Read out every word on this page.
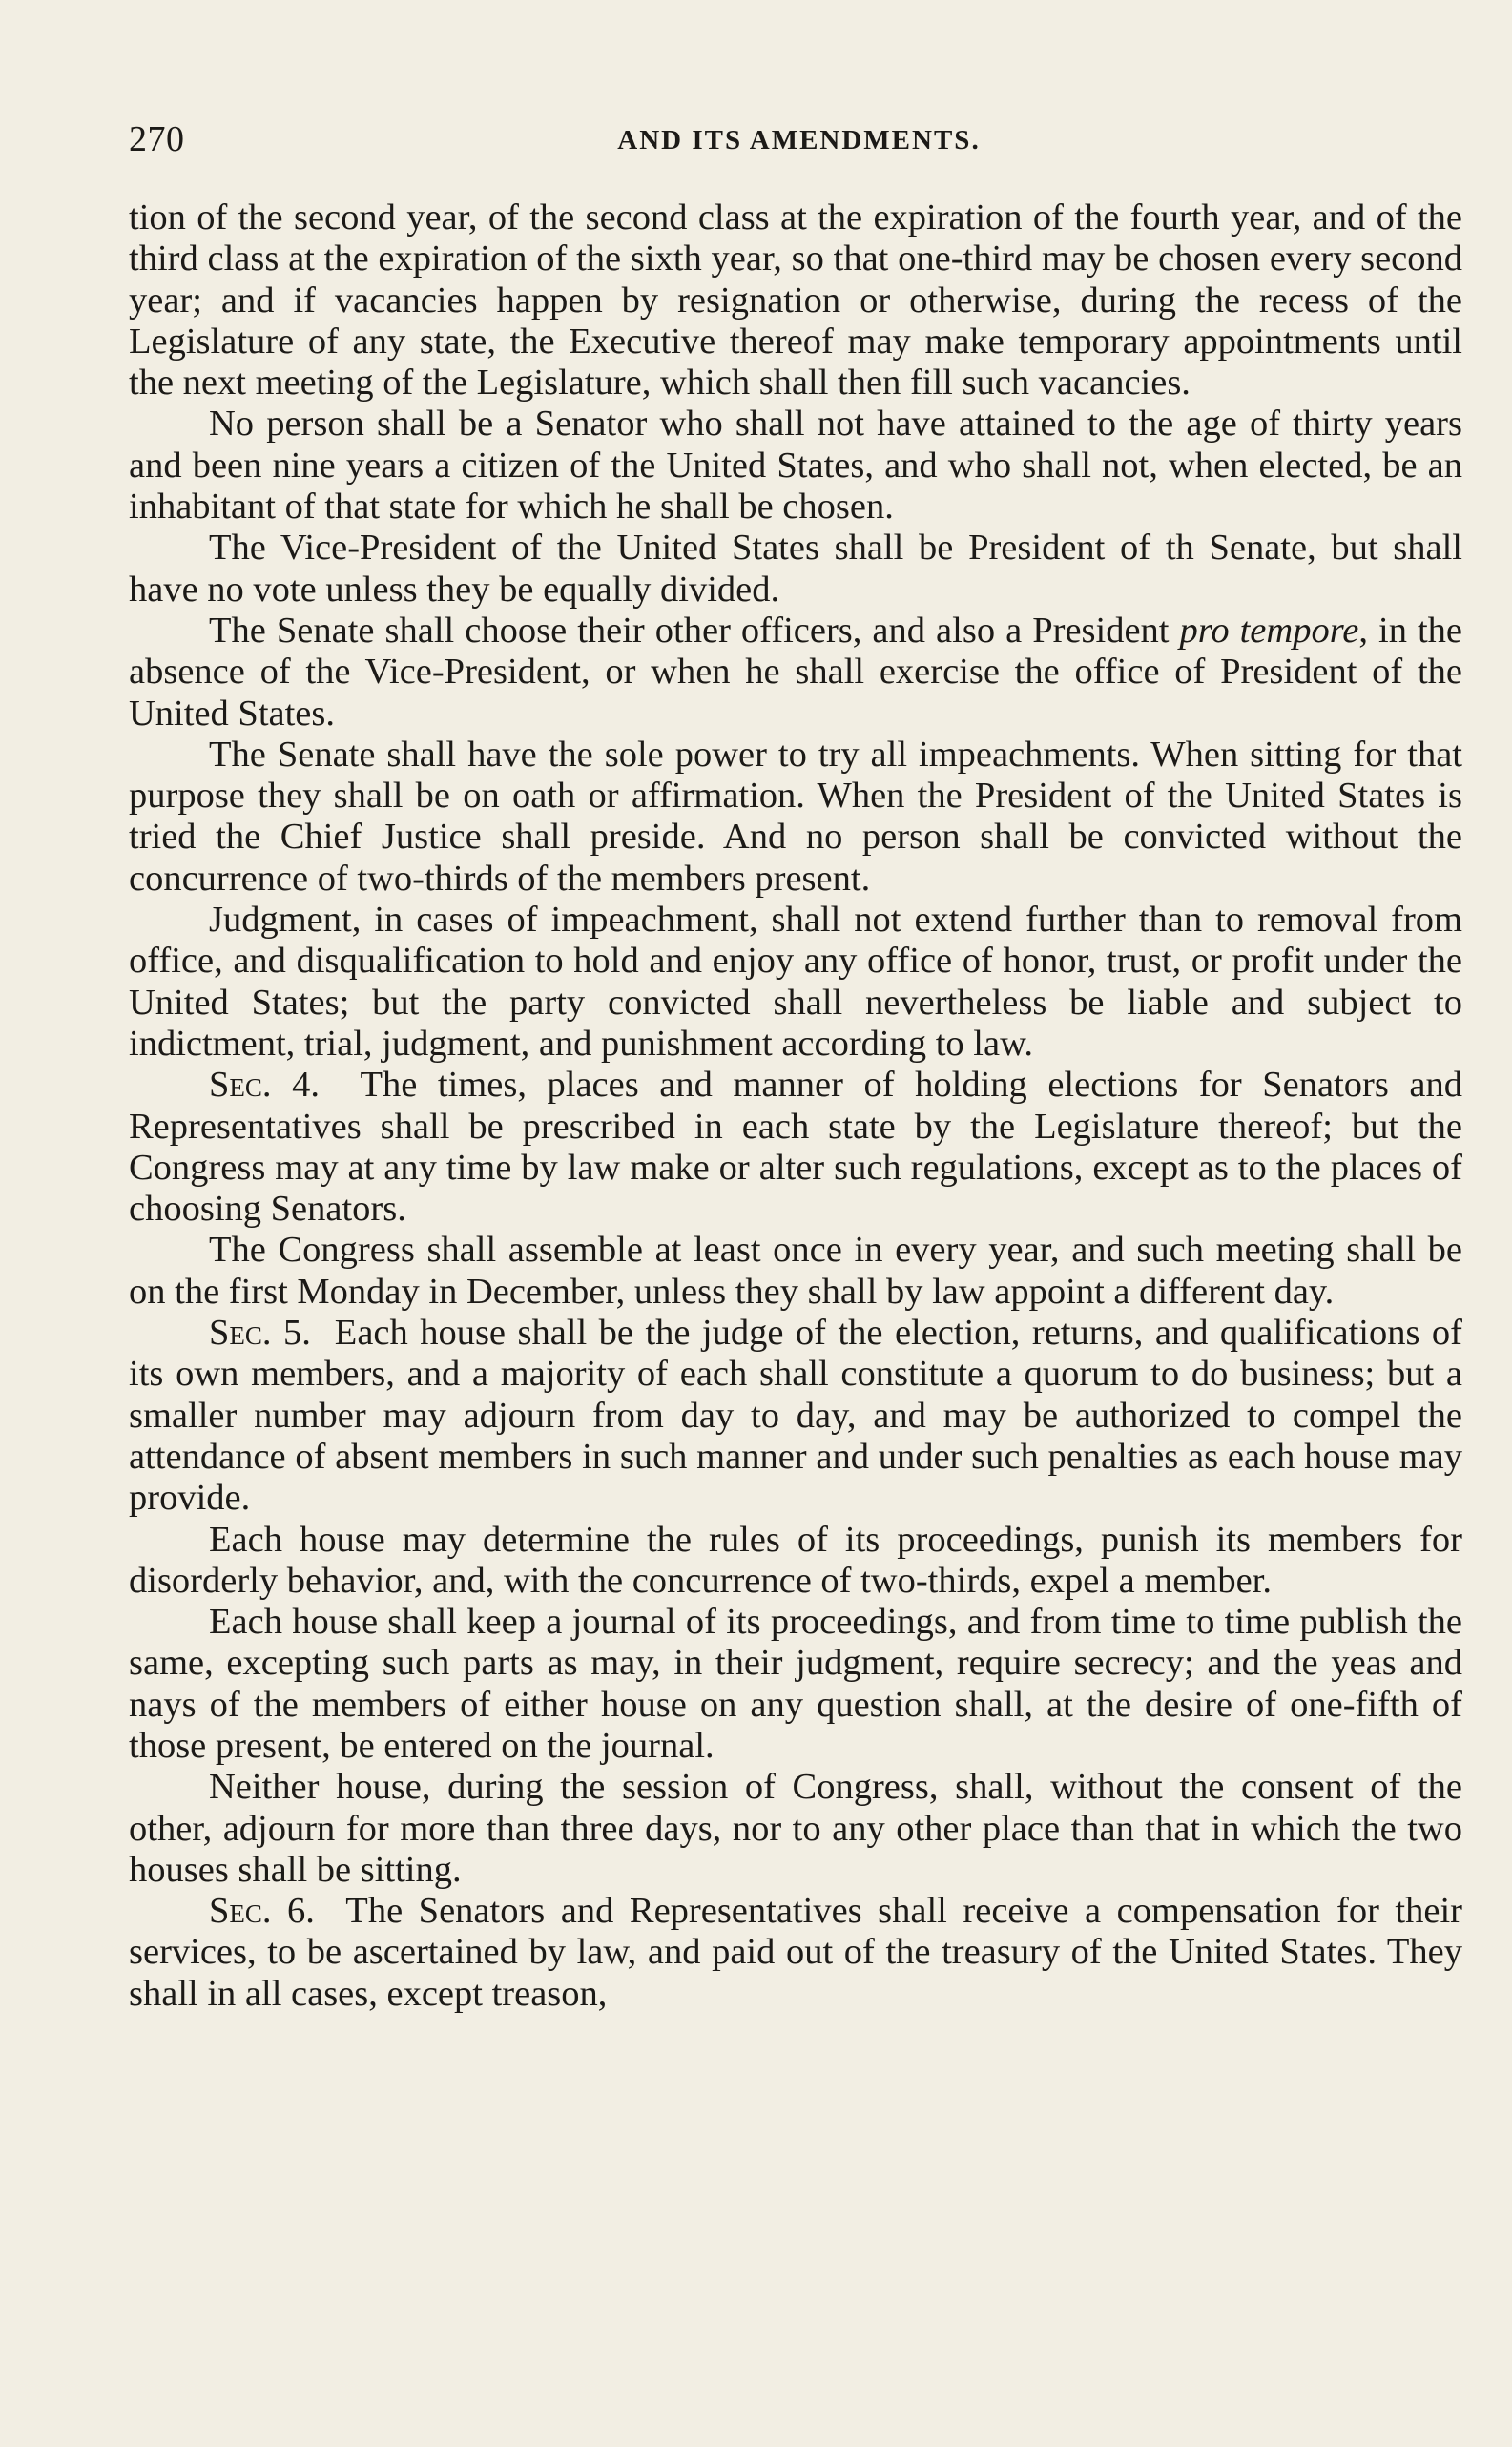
270	AND ITS AMENDMENTS.

tion of the second year, of the second class at the expiration of the fourth year, and of the third class at the expiration of the sixth year, so that one-third may be chosen every second year; and if vacancies happen by resignation or otherwise, during the recess of the Legislature of any state, the Executive thereof may make temporary appointments until the next meeting of the Legislature, which shall then fill such vacancies.

No person shall be a Senator who shall not have attained to the age of thirty years and been nine years a citizen of the United States, and who shall not, when elected, be an inhabitant of that state for which he shall be chosen.

The Vice-President of the United States shall be President of th Senate, but shall have no vote unless they be equally divided.

The Senate shall choose their other officers, and also a President pro tempore, in the absence of the Vice-President, or when he shall exercise the office of President of the United States.

The Senate shall have the sole power to try all impeachments. When sitting for that purpose they shall be on oath or affirmation. When the President of the United States is tried the Chief Justice shall preside. And no person shall be convicted without the concurrence of two-thirds of the members present.

Judgment, in cases of impeachment, shall not extend further than to removal from office, and disqualification to hold and enjoy any office of honor, trust, or profit under the United States; but the party convicted shall nevertheless be liable and subject to indictment, trial, judgment, and punishment according to law.

Sec. 4. The times, places and manner of holding elections for Senators and Representatives shall be prescribed in each state by the Legislature thereof; but the Congress may at any time by law make or alter such regulations, except as to the places of choosing Senators.

The Congress shall assemble at least once in every year, and such meeting shall be on the first Monday in December, unless they shall by law appoint a different day.

Sec. 5. Each house shall be the judge of the election, returns, and qualifications of its own members, and a majority of each shall constitute a quorum to do business; but a smaller number may adjourn from day to day, and may be authorized to compel the attendance of absent members in such manner and under such penalties as each house may provide.

Each house may determine the rules of its proceedings, punish its members for disorderly behavior, and, with the concurrence of two-thirds, expel a member.

Each house shall keep a journal of its proceedings, and from time to time publish the same, excepting such parts as may, in their judgment, require secrecy; and the yeas and nays of the members of either house on any question shall, at the desire of one-fifth of those present, be entered on the journal.

Neither house, during the session of Congress, shall, without the consent of the other, adjourn for more than three days, nor to any other place than that in which the two houses shall be sitting.

Sec. 6. The Senators and Representatives shall receive a compensation for their services, to be ascertained by law, and paid out of the treasury of the United States. They shall in all cases, except treason,
